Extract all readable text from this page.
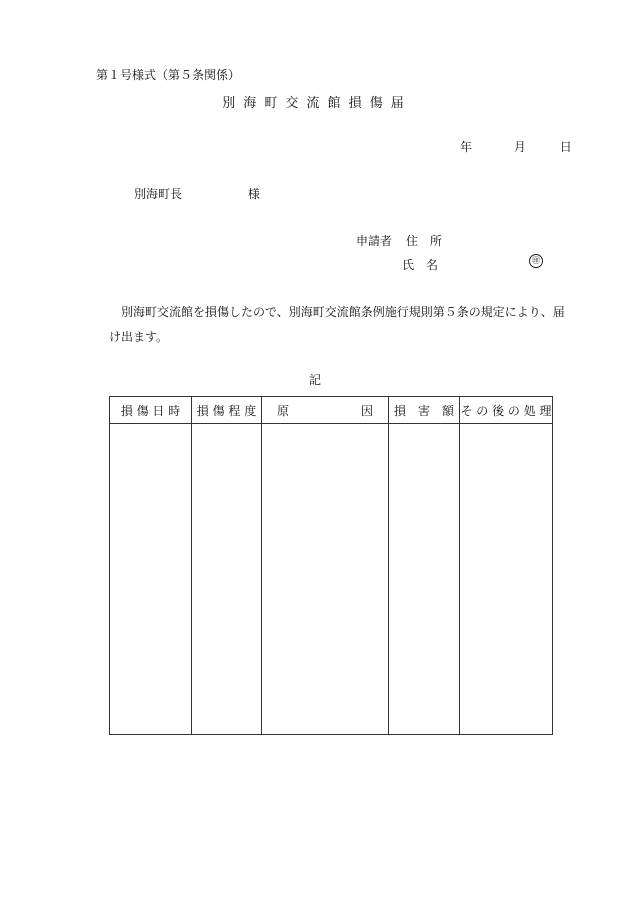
第１号様式（第５条関係）
別海町交流館損傷届
年	月	日
別海町長	様
申請者 住　所
氏　名	㊞
別海町交流館を損傷したので、別海町交流館条例施行規則第５条の規定により、届け出ます。
記
損 傷 日 時	損 傷 程 度	原　　　　　　因	損　害　額	そ の 後 の 処 理
